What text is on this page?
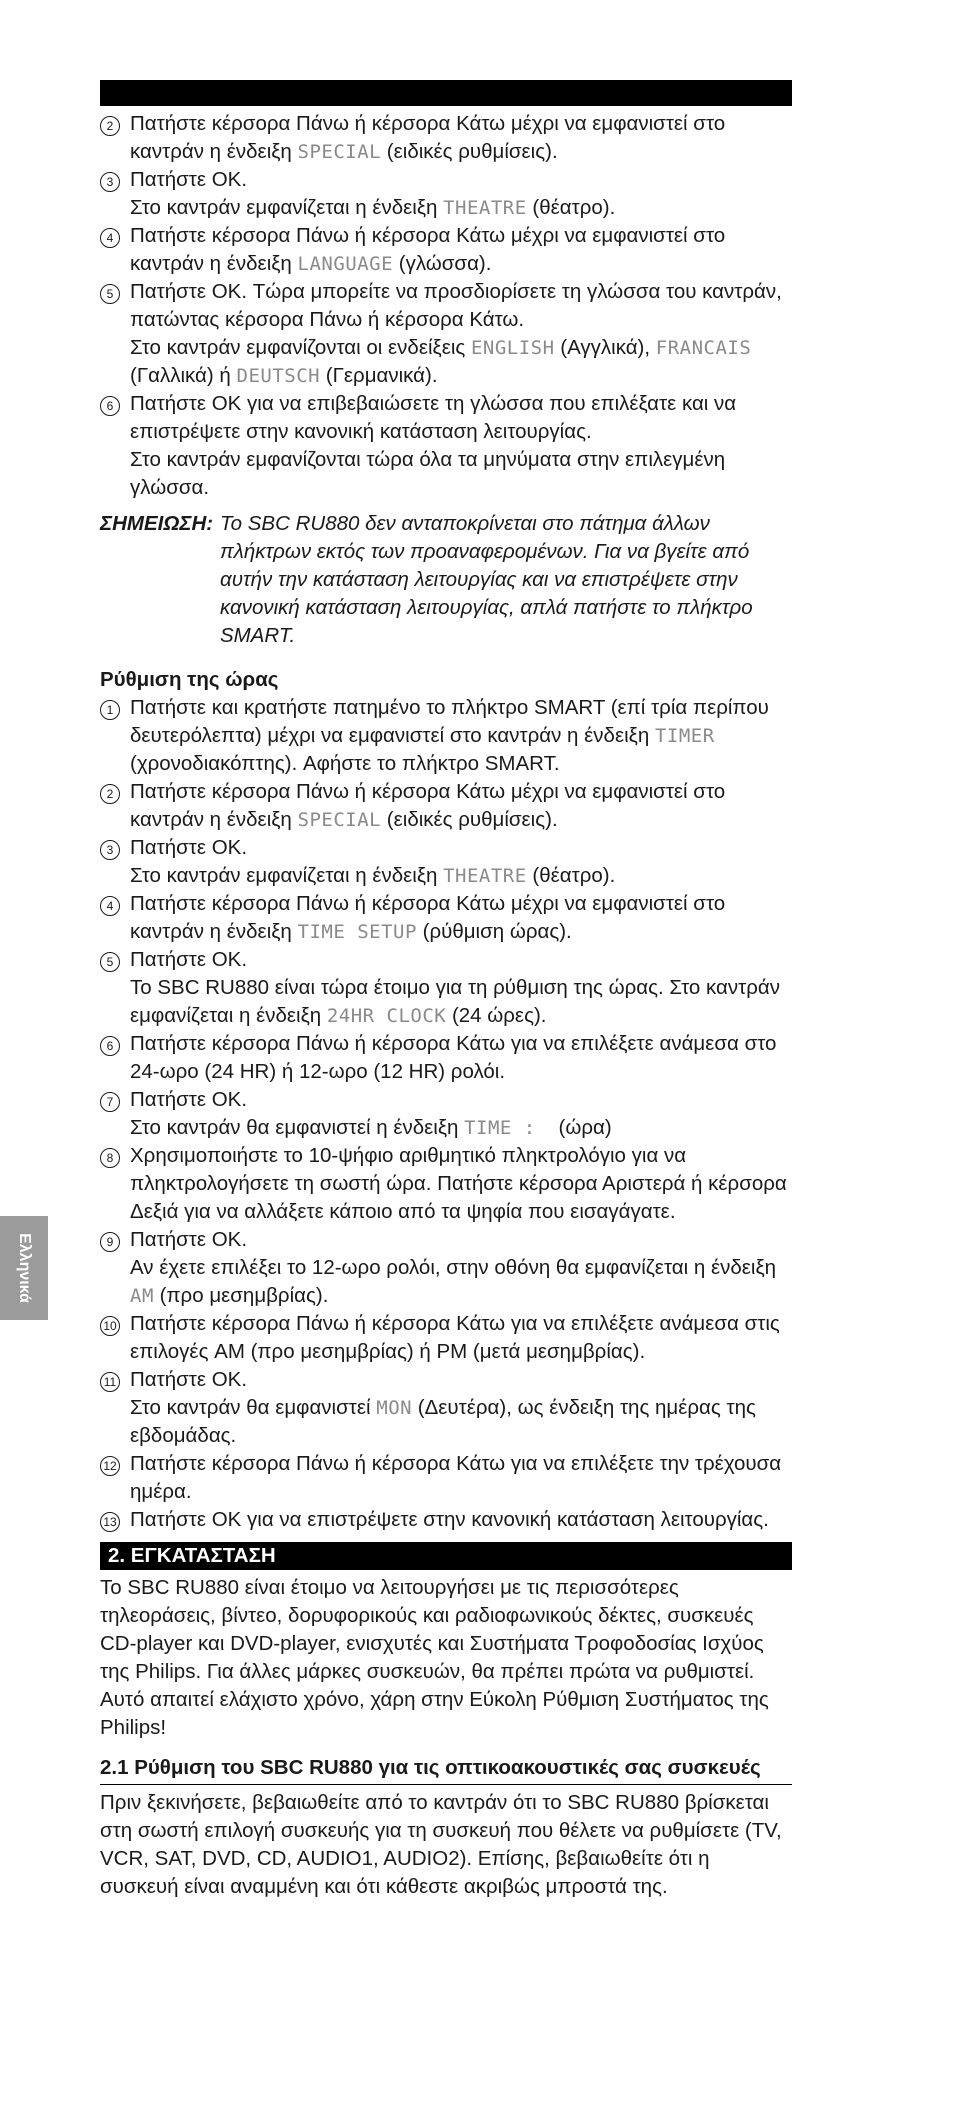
2 Πατήστε κέρσορα Πάνω ή κέρσορα Κάτω μέχρι να εμφανιστεί στο καντράν η ένδειξη SPECIAL (ειδικές ρυθμίσεις).
3 Πατήστε OK.
Στο καντράν εμφανίζεται η ένδειξη THEATRE (θέατρο).
4 Πατήστε κέρσορα Πάνω ή κέρσορα Κάτω μέχρι να εμφανιστεί στο καντράν η ένδειξη LANGUAGE (γλώσσα).
5 Πατήστε OK. Τώρα μπορείτε να προσδιορίσετε τη γλώσσα του καντράν, πατώντας κέρσορα Πάνω ή κέρσορα Κάτω.
Στο καντράν εμφανίζονται οι ενδείξεις ENGLISH (Αγγλικά), FRANCAIS (Γαλλικά) ή DEUTSCH (Γερμανικά).
6 Πατήστε OK για να επιβεβαιώσετε τη γλώσσα που επιλέξατε και να επιστρέψετε στην κανονική κατάσταση λειτουργίας.
Στο καντράν εμφανίζονται τώρα όλα τα μηνύματα στην επιλεγμένη γλώσσα.
ΣΗΜΕΙΩΣΗ: Το SBC RU880 δεν ανταποκρίνεται στο πάτημα άλλων πλήκτρων εκτός των προαναφερομένων. Για να βγείτε από αυτήν την κατάσταση λειτουργίας και να επιστρέψετε στην κανονική κατάσταση λειτουργίας, απλά πατήστε το πλήκτρο SMART.
Ρύθμιση της ώρας
1 Πατήστε και κρατήστε πατημένο το πλήκτρο SMART (επί τρία περίπου δευτερόλεπτα) μέχρι να εμφανιστεί στο καντράν η ένδειξη TIMER (χρονοδιακόπτης). Αφήστε το πλήκτρο SMART.
2 Πατήστε κέρσορα Πάνω ή κέρσορα Κάτω μέχρι να εμφανιστεί στο καντράν η ένδειξη SPECIAL (ειδικές ρυθμίσεις).
3 Πατήστε OK.
Στο καντράν εμφανίζεται η ένδειξη THEATRE (θέατρο).
4 Πατήστε κέρσορα Πάνω ή κέρσορα Κάτω μέχρι να εμφανιστεί στο καντράν η ένδειξη TIME SETUP (ρύθμιση ώρας).
5 Πατήστε OK.
Το SBC RU880 είναι τώρα έτοιμο για τη ρύθμιση της ώρας. Στο καντράν εμφανίζεται η ένδειξη 24HR CLOCK (24 ώρες).
6 Πατήστε κέρσορα Πάνω ή κέρσορα Κάτω για να επιλέξετε ανάμεσα στο 24-ωρο (24 HR) ή 12-ωρο (12 HR) ρολόι.
7 Πατήστε OK.
Στο καντράν θα εμφανιστεί η ένδειξη TIME :    (ώρα)
8 Χρησιμοποιήστε το 10-ψήφιο αριθμητικό πληκτρολόγιο για να πληκτρολογήσετε τη σωστή ώρα. Πατήστε κέρσορα Αριστερά ή κέρσορα Δεξιά για να αλλάξετε κάποιο από τα ψηφία που εισαγάγατε.
9 Πατήστε OK.
Αν έχετε επιλέξει το 12-ωρο ρολόι, στην οθόνη θα εμφανίζεται η ένδειξη AM (προ μεσημβρίας).
10 Πατήστε κέρσορα Πάνω ή κέρσορα Κάτω για να επιλέξετε ανάμεσα στις επιλογές AM (προ μεσημβρίας) ή PM (μετά μεσημβρίας).
11 Πατήστε OK.
Στο καντράν θα εμφανιστεί MON (Δευτέρα), ως ένδειξη της ημέρας της εβδομάδας.
12 Πατήστε κέρσορα Πάνω ή κέρσορα Κάτω για να επιλέξετε την τρέχουσα ημέρα.
13 Πατήστε OK για να επιστρέψετε στην κανονική κατάσταση λειτουργίας.
2. ΕΓΚΑΤΑΣΤΑΣΗ
Το SBC RU880 είναι έτοιμο να λειτουργήσει με τις περισσότερες τηλεοράσεις, βίντεο, δορυφορικούς και ραδιοφωνικούς δέκτες, συσκευές CD-player και DVD-player, ενισχυτές και Συστήματα Τροφοδοσίας Ισχύος της Philips. Για άλλες μάρκες συσκευών, θα πρέπει πρώτα να ρυθμιστεί. Αυτό απαιτεί ελάχιστο χρόνο, χάρη στην Εύκολη Ρύθμιση Συστήματος της Philips!
2.1 Ρύθμιση του SBC RU880 για τις οπτικοακουστικές σας συσκευές
Πριν ξεκινήσετε, βεβαιωθείτε από το καντράν ότι το SBC RU880 βρίσκεται στη σωστή επιλογή συσκευής για τη συσκευή που θέλετε να ρυθμίσετε (TV, VCR, SAT, DVD, CD, AUDIO1, AUDIO2). Επίσης, βεβαιωθείτε ότι η συσκευή είναι αναμμένη και ότι κάθεστε ακριβώς μπροστά της.
Ελληνικά
